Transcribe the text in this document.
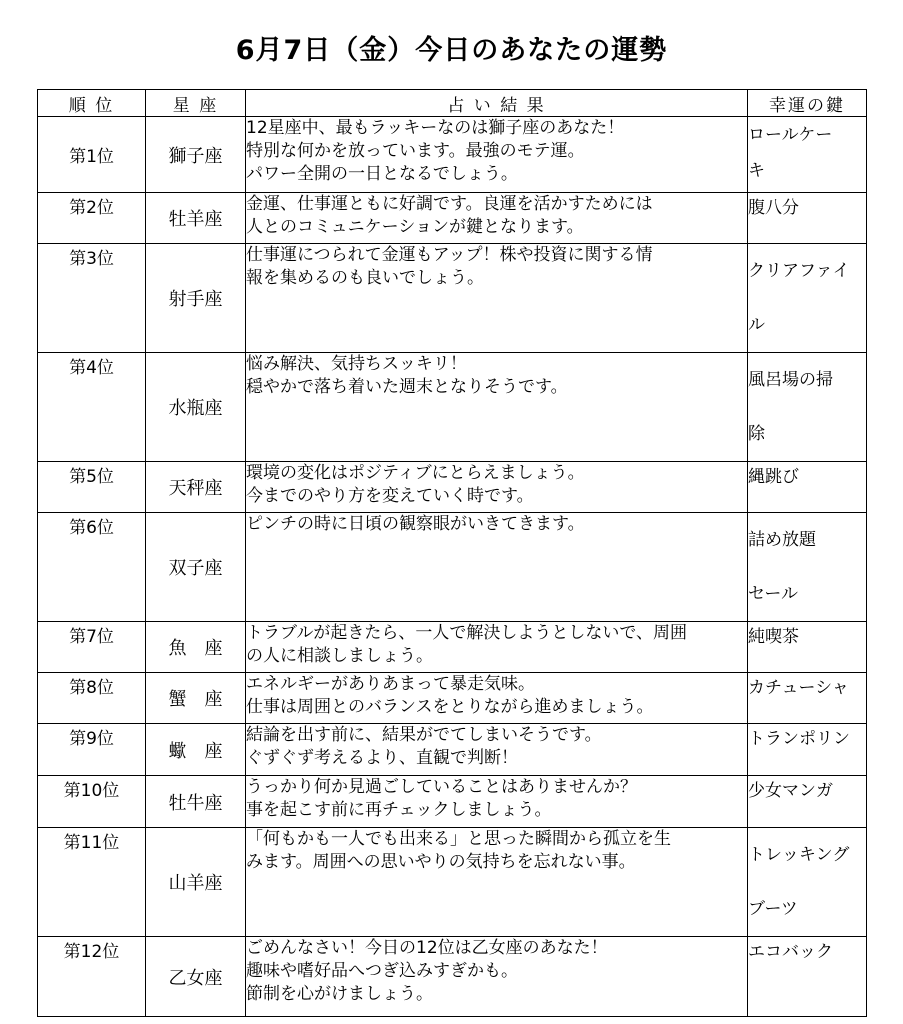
6月7日（金）今日のあなたの運勢
順 位	星 座	占 い 結 果	幸運の鍵
第1位	獅子座	12星座中、最もラッキーなのは獅子座のあなた！
特別な何かを放っています。最強のモテ運。
パワー全開の一日となるでしょう。	ロールケー
キ
第2位	牡羊座	金運、仕事運ともに好調です。良運を活かすためには
人とのコミュニケーションが鍵となります。	腹八分
第3位	射手座	仕事運につられて金運もアップ！株や投資に関する情
報を集めるのも良いでしょう。	クリアファイ
ル
第4位	水瓶座	悩み解決、気持ちスッキリ！
穏やかで落ち着いた週末となりそうです。	風呂場の掃
除
第5位	天秤座	環境の変化はポジティブにとらえましょう。
今までのやり方を変えていく時です。	縄跳び
第6位	双子座	ピンチの時に日頃の観察眼がいきてきます。	詰め放題
セール
第7位	魚　座	トラブルが起きたら、一人で解決しようとしないで、周囲
の人に相談しましょう。	純喫茶
第8位	蟹　座	エネルギーがありあまって暴走気味。
仕事は周囲とのバランスをとりながら進めましょう。	カチューシャ
第9位	蠍　座	結論を出す前に、結果がでてしまいそうです。
ぐずぐず考えるより、直観で判断！	トランポリン
第10位	牡牛座	うっかり何か見過ごしていることはありませんか？
事を起こす前に再チェックしましょう。	少女マンガ
第11位	山羊座	「何もかも一人でも出来る」と思った瞬間から孤立を生
みます。周囲への思いやりの気持ちを忘れない事。	トレッキング
ブーツ
第12位	乙女座	ごめんなさい！今日の12位は乙女座のあなた！
趣味や嗜好品へつぎ込みすぎかも。
節制を心がけましょう。	エコバック
